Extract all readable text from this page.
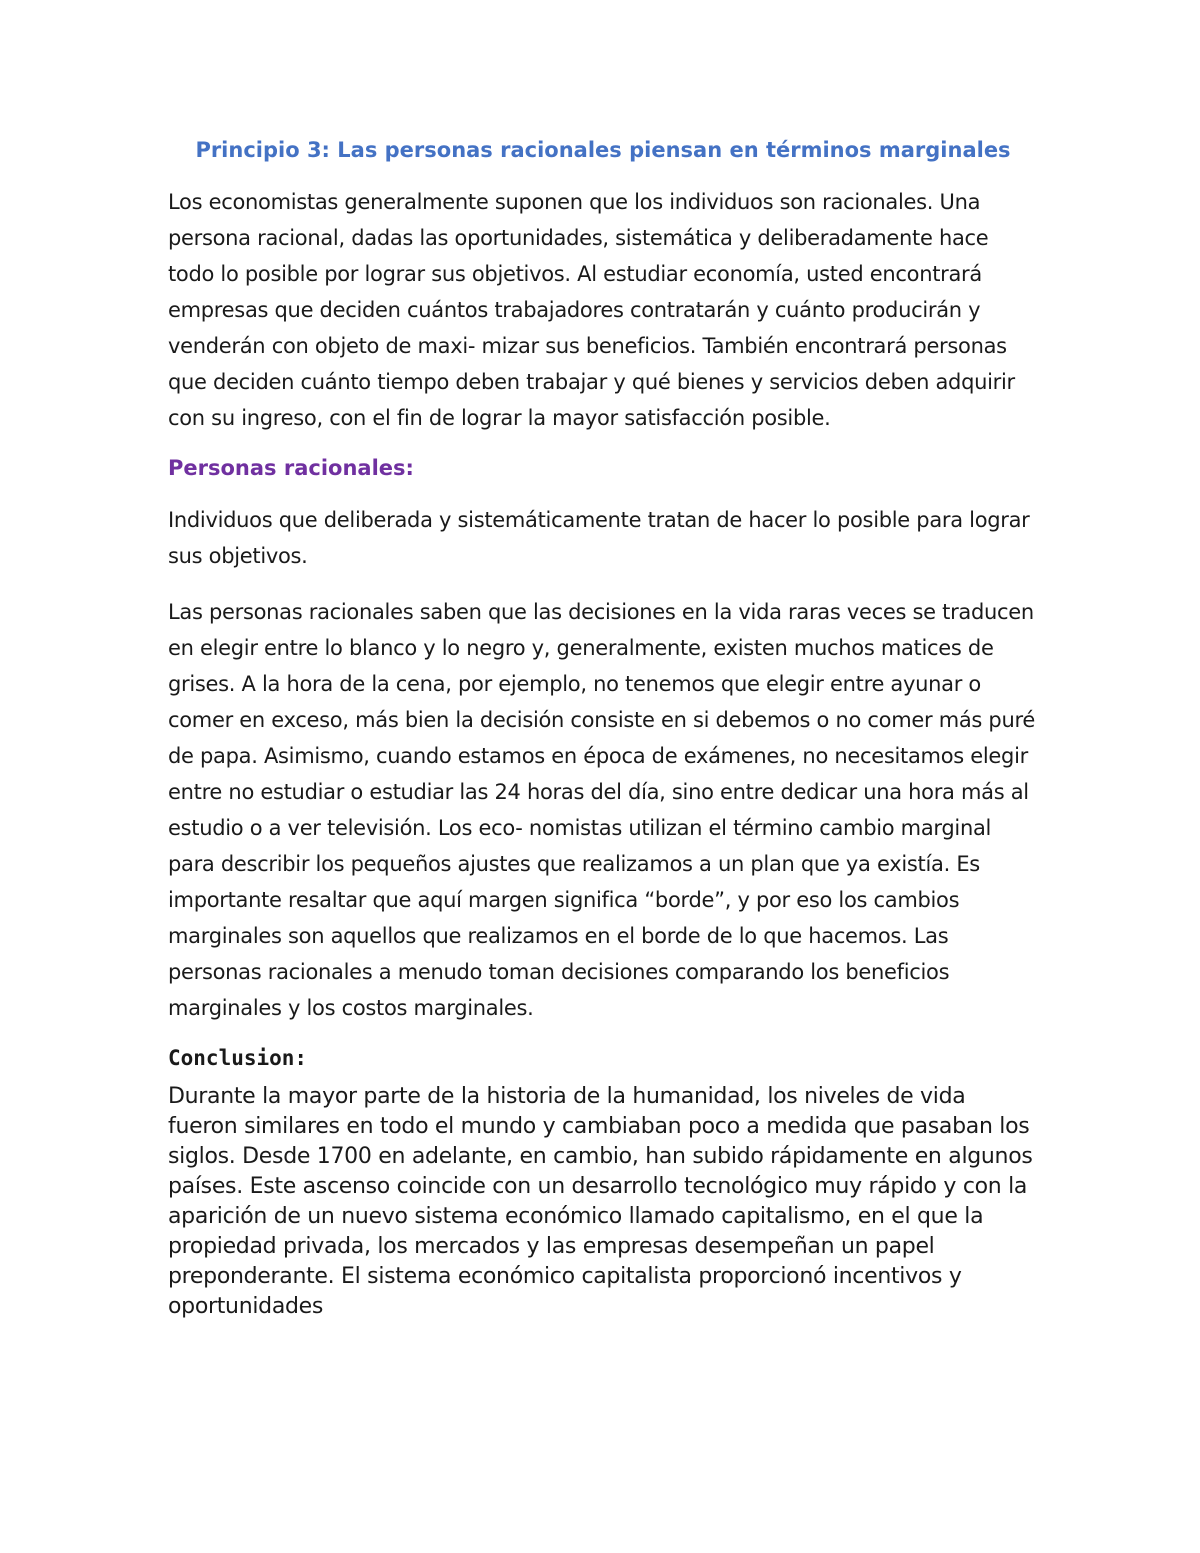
Principio 3: Las personas racionales piensan en términos marginales

Los economistas generalmente suponen que los individuos son racionales. Una persona racional, dadas las oportunidades, sistemática y deliberadamente hace todo lo posible por lograr sus objetivos. Al estudiar economía, usted encontrará empresas que deciden cuántos trabajadores contratarán y cuánto producirán y venderán con objeto de maxi- mizar sus beneficios. También encontrará personas que deciden cuánto tiempo deben trabajar y qué bienes y servicios deben adquirir con su ingreso, con el fin de lograr la mayor satisfacción posible.

Personas racionales:

Individuos que deliberada y sistemáticamente tratan de hacer lo posible para lograr sus objetivos.

Las personas racionales saben que las decisiones en la vida raras veces se traducen en elegir entre lo blanco y lo negro y, generalmente, existen muchos matices de grises. A la hora de la cena, por ejemplo, no tenemos que elegir entre ayunar o comer en exceso, más bien la decisión consiste en si debemos o no comer más puré de papa. Asimismo, cuando estamos en época de exámenes, no necesitamos elegir entre no estudiar o estudiar las 24 horas del día, sino entre dedicar una hora más al estudio o a ver televisión. Los eco- nomistas utilizan el término cambio marginal para describir los pequeños ajustes que realizamos a un plan que ya existía. Es importante resaltar que aquí margen significa “borde”, y por eso los cambios marginales son aquellos que realizamos en el borde de lo que hacemos. Las personas racionales a menudo toman decisiones comparando los beneficios marginales y los costos marginales.

Conclusion:

Durante la mayor parte de la historia de la humanidad, los niveles de vida fueron similares en todo el mundo y cambiaban poco a medida que pasaban los siglos. Desde 1700 en adelante, en cambio, han subido rápidamente en algunos países. Este ascenso coincide con un desarrollo tecnológico muy rápido y con la aparición de un nuevo sistema económico llamado capitalismo, en el que la propiedad privada, los mercados y las empresas desempeñan un papel preponderante. El sistema económico capitalista proporcionó incentivos y oportunidades
